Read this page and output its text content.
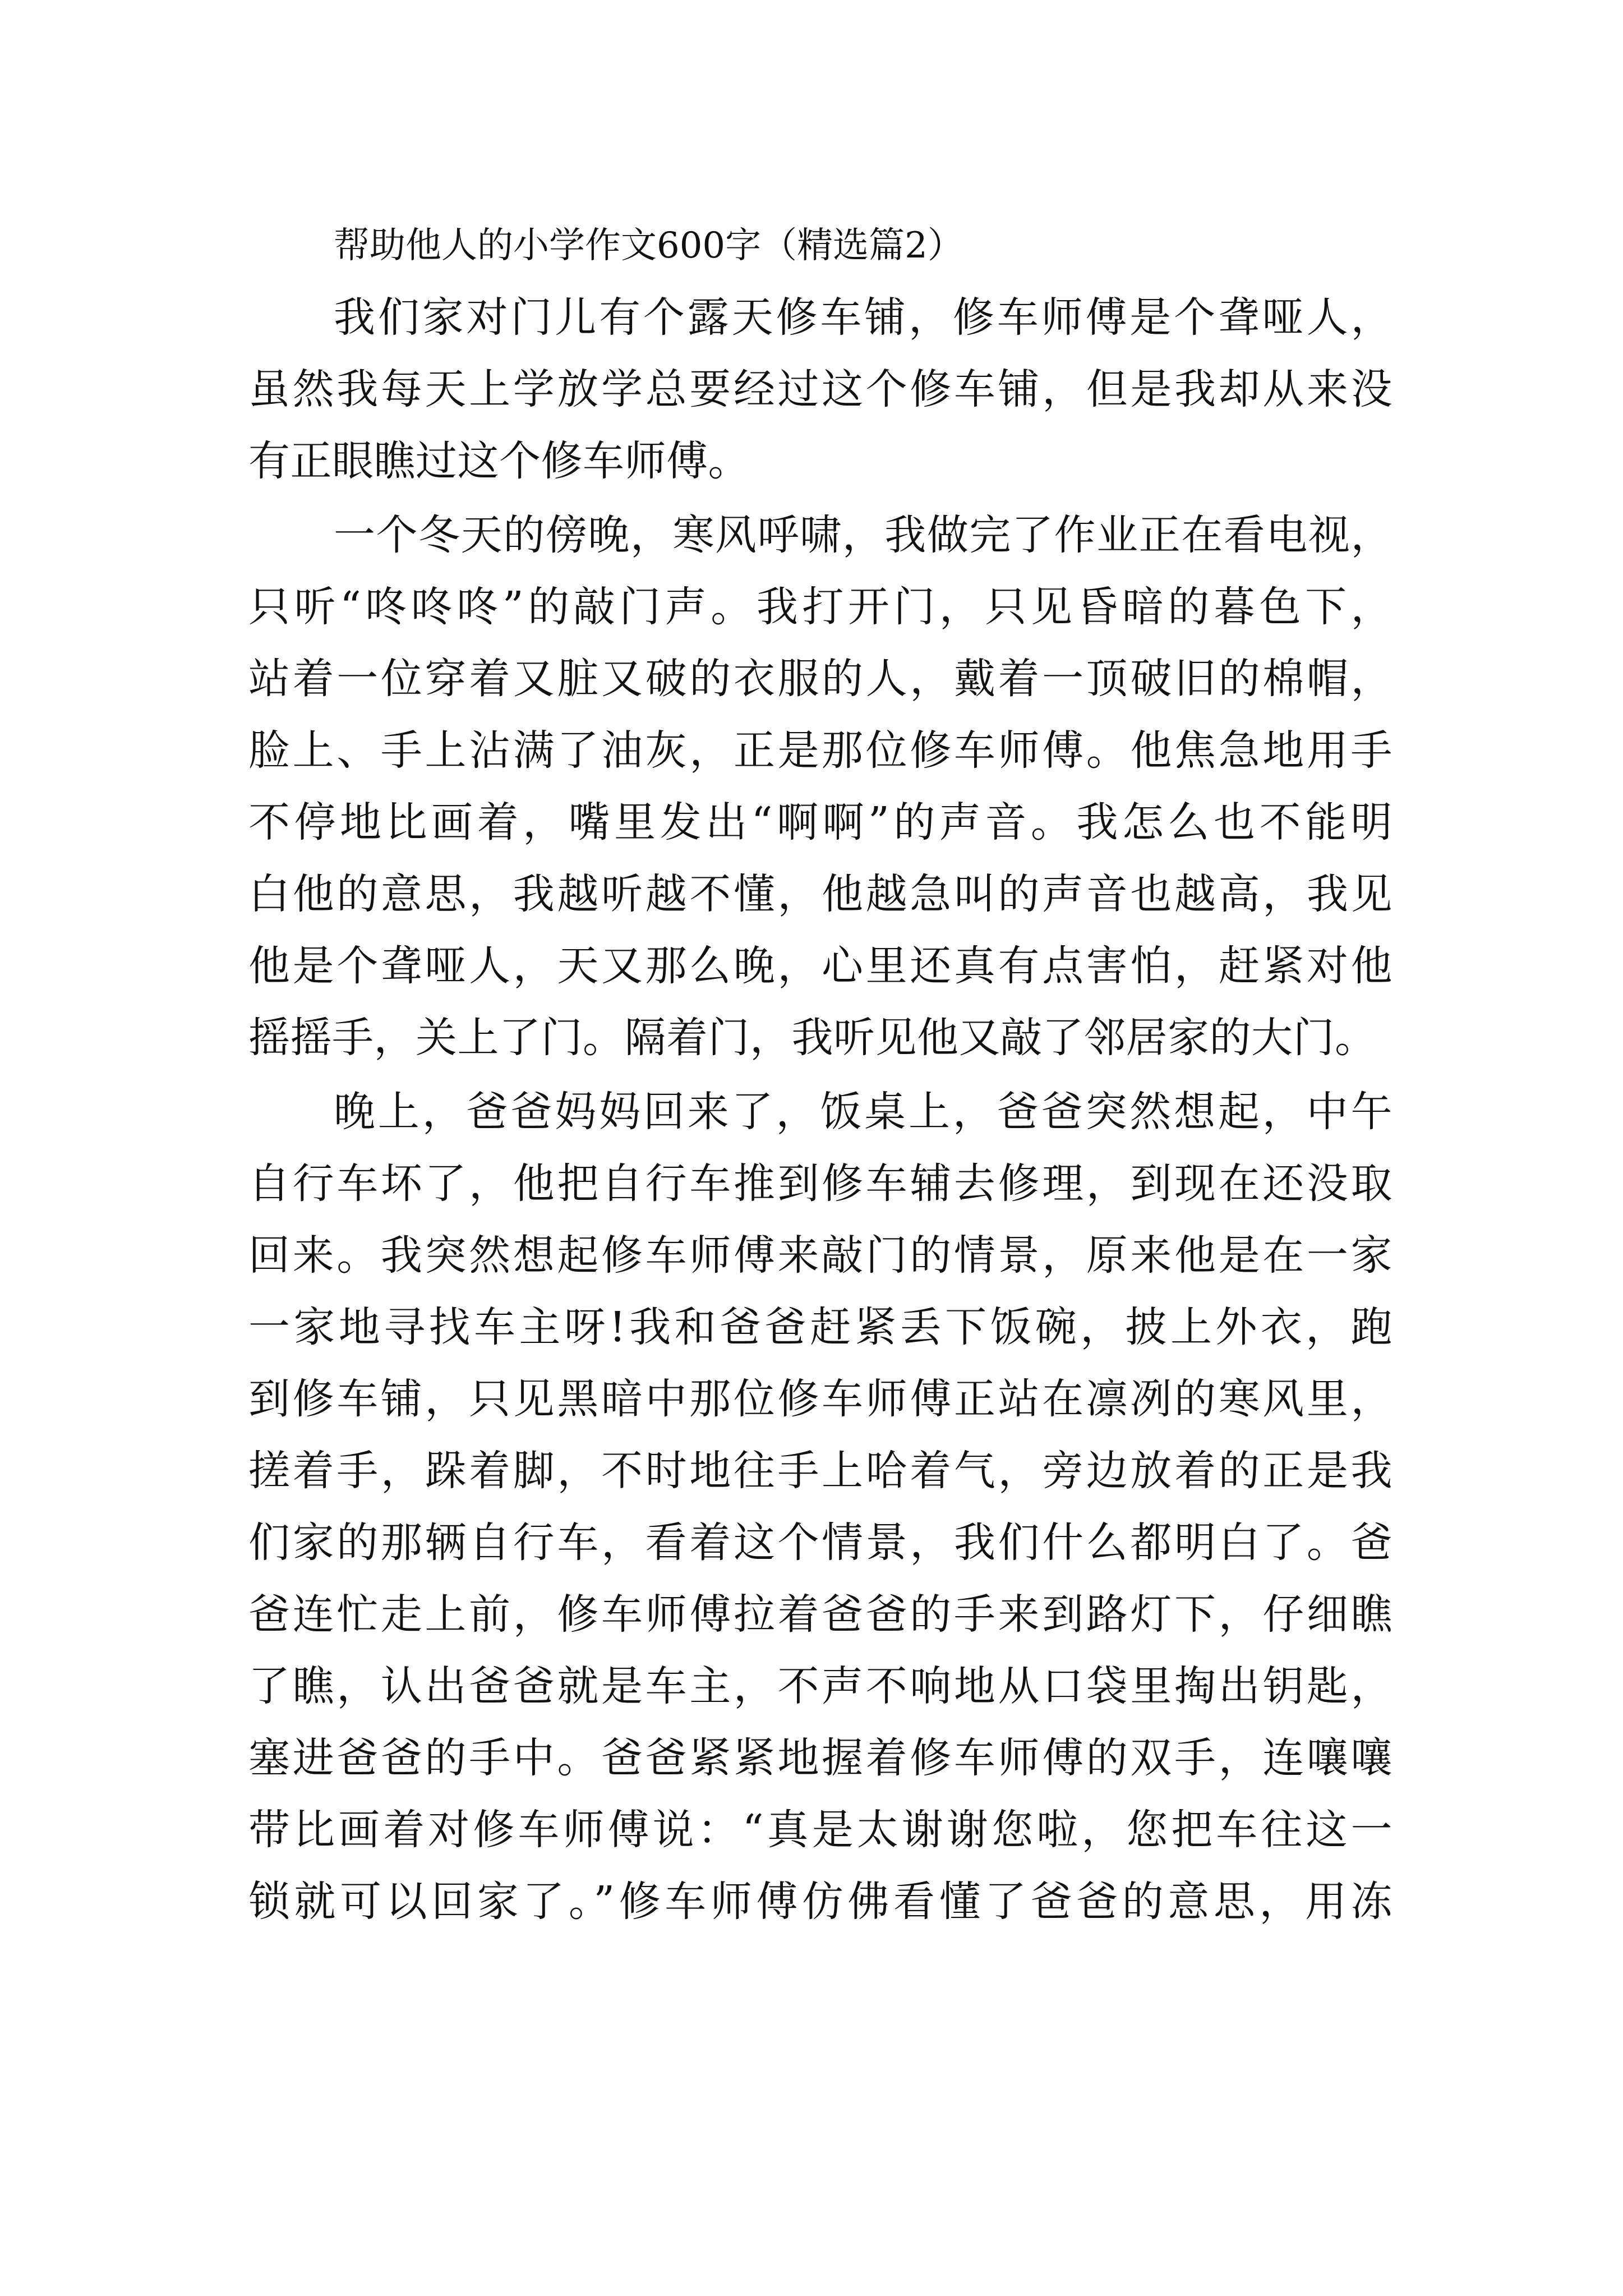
帮助他人的小学作文600字（精选篇2）

我们家对门儿有个露天修车铺，修车师傅是个聋哑人，
虽然我每天上学放学总要经过这个修车铺，但是我却从来没
有正眼瞧过这个修车师傅。

一个冬天的傍晚，寒风呼啸，我做完了作业正在看电视，
只听“咚咚咚”的敲门声。我打开门，只见昏暗的暮色下，
站着一位穿着又脏又破的衣服的人，戴着一顶破旧的棉帽，
脸上、手上沾满了油灰，正是那位修车师傅。他焦急地用手
不停地比画着，嘴里发出“啊啊”的声音。我怎么也不能明
白他的意思，我越听越不懂，他越急叫的声音也越高，我见
他是个聋哑人，天又那么晚，心里还真有点害怕，赶紧对他
摇摇手，关上了门。隔着门，我听见他又敲了邻居家的大门。

晚上，爸爸妈妈回来了，饭桌上，爸爸突然想起，中午
自行车坏了，他把自行车推到修车辅去修理，到现在还没取
回来。我突然想起修车师傅来敲门的情景，原来他是在一家
一家地寻找车主呀!我和爸爸赶紧丢下饭碗，披上外衣，跑
到修车铺，只见黑暗中那位修车师傅正站在凛冽的寒风里，
搓着手，跺着脚，不时地往手上哈着气，旁边放着的正是我
们家的那辆自行车，看着这个情景，我们什么都明白了。爸
爸连忙走上前，修车师傅拉着爸爸的手来到路灯下，仔细瞧
了瞧，认出爸爸就是车主，不声不响地从口袋里掏出钥匙，
塞进爸爸的手中。爸爸紧紧地握着修车师傅的双手，连嚷嚷
带比画着对修车师傅说：“真是太谢谢您啦，您把车往这一
锁就可以回家了。”修车师傅仿佛看懂了爸爸的意思，用冻
